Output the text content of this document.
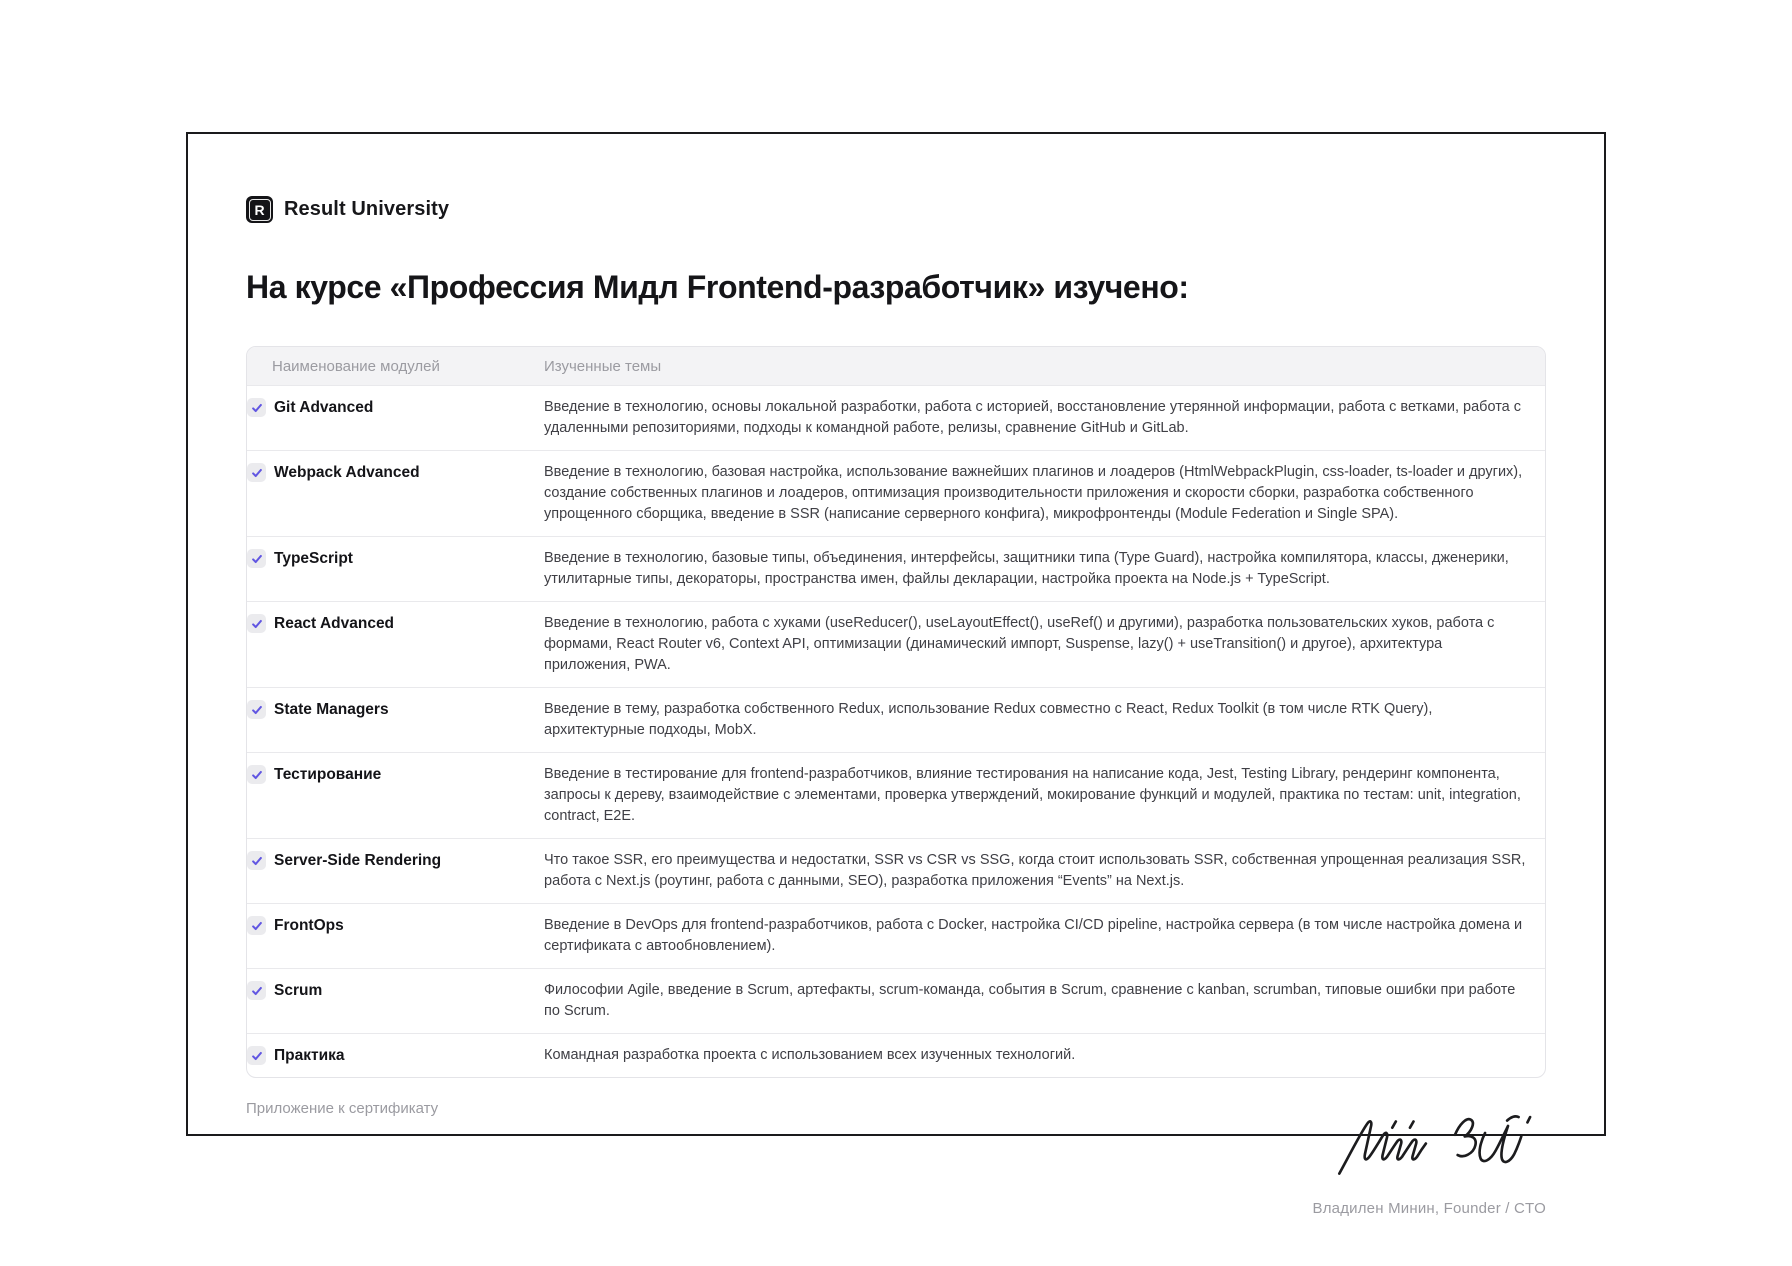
R Result University
На курсе «Профессия Мидл Frontend-разработчик» изучено:
Наименование модулей	Изученные темы
Git Advanced	Введение в технологию, основы локальной разработки, работа с историей, восстановление утерянной информации, работа с ветками, работа с удаленными репозиториями, подходы к командной работе, релизы, сравнение GitHub и GitLab.
Webpack Advanced	Введение в технологию, базовая настройка, использование важнейших плагинов и лоадеров (HtmlWebpackPlugin, css-loader, ts-loader и других), создание собственных плагинов и лоадеров, оптимизация производительности приложения и скорости сборки, разработка собственного упрощенного сборщика, введение в SSR (написание серверного конфига), микрофронтенды (Module Federation и Single SPA).
TypeScript	Введение в технологию, базовые типы, объединения, интерфейсы, защитники типа (Type Guard), настройка компилятора, классы, дженерики, утилитарные типы, декораторы, пространства имен, файлы декларации, настройка проекта на Node.js + TypeScript.
React Advanced	Введение в технологию, работа с хуками (useReducer(), useLayoutEffect(), useRef() и другими), разработка пользовательских хуков, работа с формами, React Router v6, Context API, оптимизации (динамический импорт, Suspense, lazy() + useTransition() и другое), архитектура приложения, PWA.
State Managers	Введение в тему, разработка собственного Redux, использование Redux совместно с React, Redux Toolkit (в том числе RTK Query), архитектурные подходы, MobX.
Тестирование	Введение в тестирование для frontend-разработчиков, влияние тестирования на написание кода, Jest, Testing Library, рендеринг компонента, запросы к дереву, взаимодействие с элементами, проверка утверждений, мокирование функций и модулей, практика по тестам: unit, integration, contract, E2E.
Server-Side Rendering	Что такое SSR, его преимущества и недостатки, SSR vs CSR vs SSG, когда стоит использовать SSR, собственная упрощенная реализация SSR, работа с Next.js (роутинг, работа с данными, SEO), разработка приложения “Events” на Next.js.
FrontOps	Введение в DevOps для frontend-разработчиков, работа с Docker, настройка CI/CD pipeline, настройка сервера (в том числе настройка домена и сертификата с автообновлением).
Scrum	Философии Agile, введение в Scrum, артефакты, scrum-команда, события в Scrum, сравнение с kanban, scrumban, типовые ошибки при работе по Scrum.
Практика	Командная разработка проекта с использованием всех изученных технологий.
Приложение к сертификату
Владилен Минин, Founder / CTO
